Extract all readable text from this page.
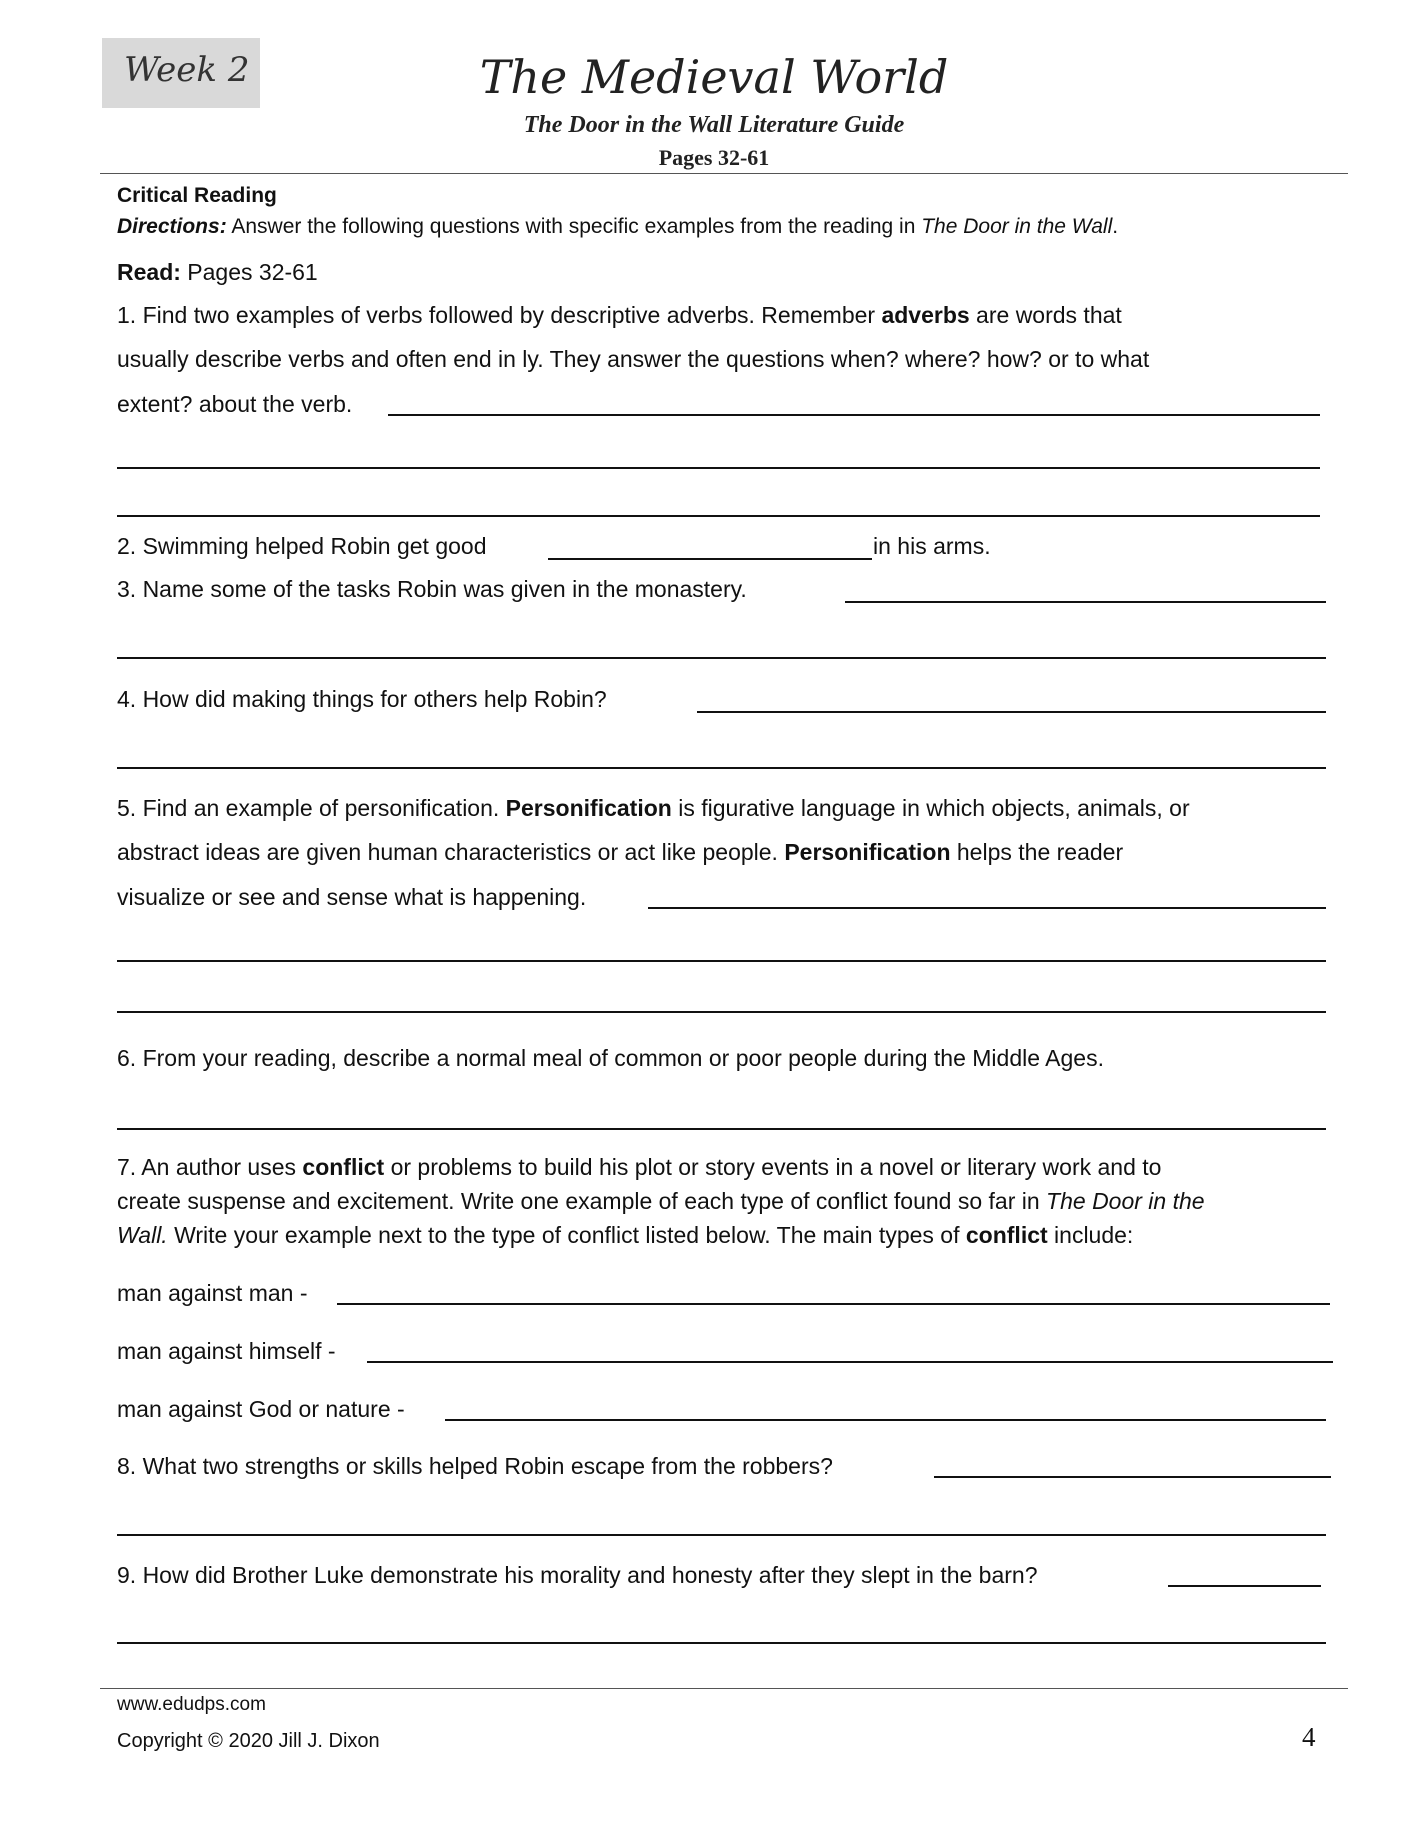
Week 2	The Medieval World
The Door in the Wall Literature Guide
Pages 32-61
Critical Reading
Directions: Answer the following questions with specific examples from the reading in The Door in the Wall.
Read: Pages 32-61
1. Find two examples of verbs followed by descriptive adverbs. Remember adverbs are words that
usually describe verbs and often end in ly. They answer the questions when? where? how? or to what
extent? about the verb.
2. Swimming helped Robin get good	in his arms.
3. Name some of the tasks Robin was given in the monastery.
4. How did making things for others help Robin?
5. Find an example of personification. Personification is figurative language in which objects, animals, or
abstract ideas are given human characteristics or act like people. Personification helps the reader
visualize or see and sense what is happening.
6. From your reading, describe a normal meal of common or poor people during the Middle Ages.
7. An author uses conflict or problems to build his plot or story events in a novel or literary work and to
create suspense and excitement. Write one example of each type of conflict found so far in The Door in the
Wall. Write your example next to the type of conflict listed below. The main types of conflict include:
man against man -
man against himself -
man against God or nature -
8. What two strengths or skills helped Robin escape from the robbers?
9. How did Brother Luke demonstrate his morality and honesty after they slept in the barn?
www.edudps.com
Copyright © 2020 Jill J. Dixon	4
